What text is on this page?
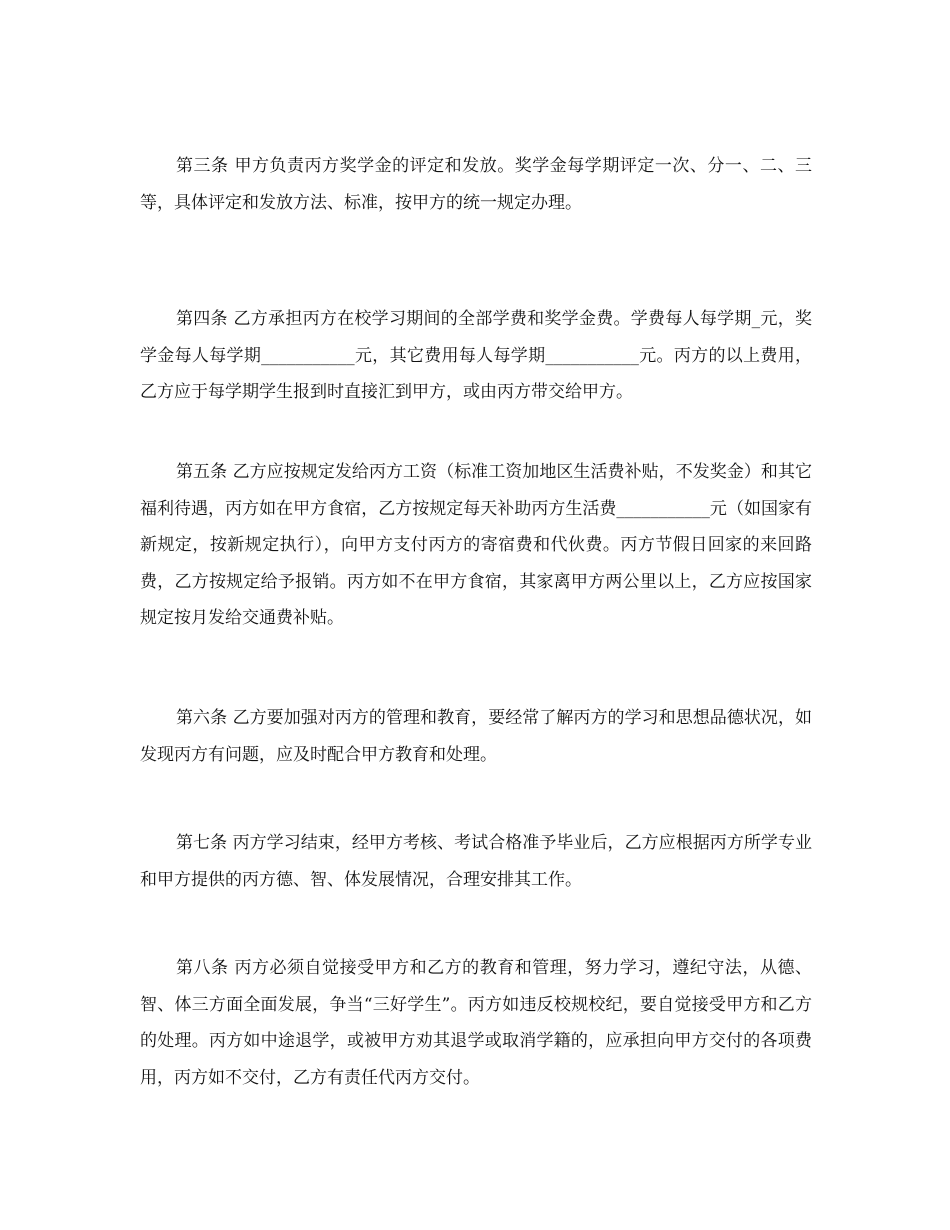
第三条 甲方负责丙方奖学金的评定和发放。奖学金每学期评定一次、分一、二、三等，具体评定和发放方法、标准，按甲方的统一规定办理。

第四条 乙方承担丙方在校学习期间的全部学费和奖学金费。学费每人每学期_元，奖学金每人每学期___________元，其它费用每人每学期___________元。丙方的以上费用，乙方应于每学期学生报到时直接汇到甲方，或由丙方带交给甲方。

第五条 乙方应按规定发给丙方工资（标准工资加地区生活费补贴，不发奖金）和其它福利待遇，丙方如在甲方食宿，乙方按规定每天补助丙方生活费___________元（如国家有新规定，按新规定执行），向甲方支付丙方的寄宿费和代伙费。丙方节假日回家的来回路费，乙方按规定给予报销。丙方如不在甲方食宿，其家离甲方两公里以上，乙方应按国家规定按月发给交通费补贴。

第六条 乙方要加强对丙方的管理和教育，要经常了解丙方的学习和思想品德状况，如发现丙方有问题，应及时配合甲方教育和处理。

第七条 丙方学习结束，经甲方考核、考试合格准予毕业后，乙方应根据丙方所学专业和甲方提供的丙方德、智、体发展情况，合理安排其工作。

第八条 丙方必须自觉接受甲方和乙方的教育和管理，努力学习，遵纪守法，从德、智、体三方面全面发展，争当“三好学生”。丙方如违反校规校纪，要自觉接受甲方和乙方的处理。丙方如中途退学，或被甲方劝其退学或取消学籍的，应承担向甲方交付的各项费用，丙方如不交付，乙方有责任代丙方交付。
